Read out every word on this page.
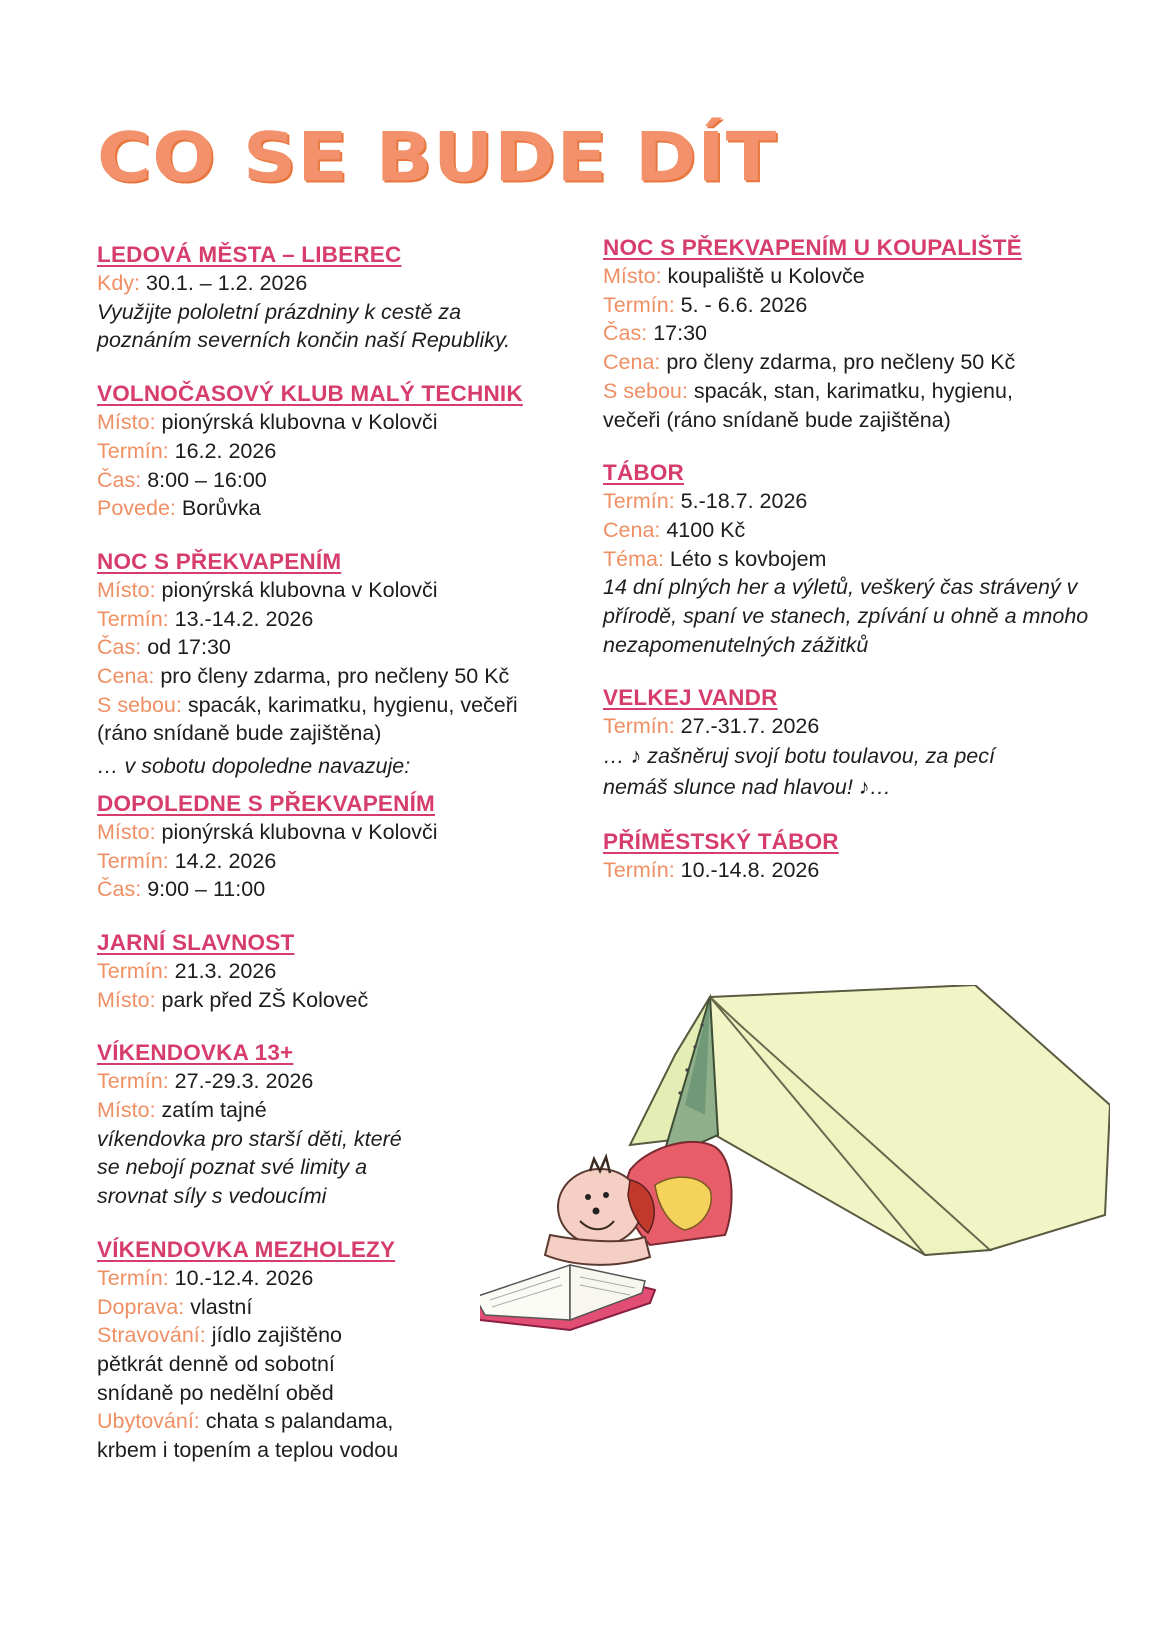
CO SE BUDE DÍT
LEDOVÁ MĚSTA – LIBEREC
Kdy: 30.1. – 1.2. 2026
Využijte pololetní prázdniny k cestě za poznáním severních končin naší Republiky.
VOLNOČASOVÝ KLUB MALÝ TECHNIK
Místo: pionýrská klubovna v Kolovči
Termín: 16.2. 2026
Čas: 8:00 – 16:00
Povede: Borůvka
NOC S PŘEKVAPENÍM
Místo: pionýrská klubovna v Kolovči
Termín: 13.-14.2. 2026
Čas: od 17:30
Cena: pro členy zdarma, pro nečleny 50 Kč
S sebou: spacák, karimatku, hygienu, večeři (ráno snídaně bude zajištěna)
… v sobotu dopoledne navazuje:
DOPOLEDNE S PŘEKVAPENÍM
Místo: pionýrská klubovna v Kolovči
Termín: 14.2. 2026
Čas: 9:00 – 11:00
JARNÍ SLAVNOST
Termín: 21.3. 2026
Místo: park před ZŠ Koloveč
VÍKENDOVKA 13+
Termín: 27.-29.3. 2026
Místo: zatím tajné
víkendovka pro starší děti, které se nebojí poznat své limity a srovnat síly s vedoucími
VÍKENDOVKA MEZHOLEZY
Termín: 10.-12.4. 2026
Doprava: vlastní
Stravování: jídlo zajištěno pětkrát denně od sobotní snídaně po nedělní oběd
Ubytování: chata s palandama, krbem i topením a teplou vodou
NOC S PŘEKVAPENÍM U KOUPALIŠTĚ
Místo: koupaliště u Kolovče
Termín: 5. - 6.6. 2026
Čas: 17:30
Cena: pro členy zdarma, pro nečleny 50 Kč
S sebou: spacák, stan, karimatku, hygienu, večeři (ráno snídaně bude zajištěna)
TÁBOR
Termín: 5.-18.7. 2026
Cena: 4100 Kč
Téma: Léto s kovbojem
14 dní plných her a výletů, veškerý čas strávený v přírodě, spaní ve stanech, zpívání u ohně a mnoho nezapomenutelných zážitků
VELKEJ VANDR
Termín: 27.-31.7. 2026
… ♪ zašněruj svojí botu toulavou, za pecí nemáš slunce nad hlavou! ♪…
PŘÍMĚSTSKÝ TÁBOR
Termín: 10.-14.8. 2026
